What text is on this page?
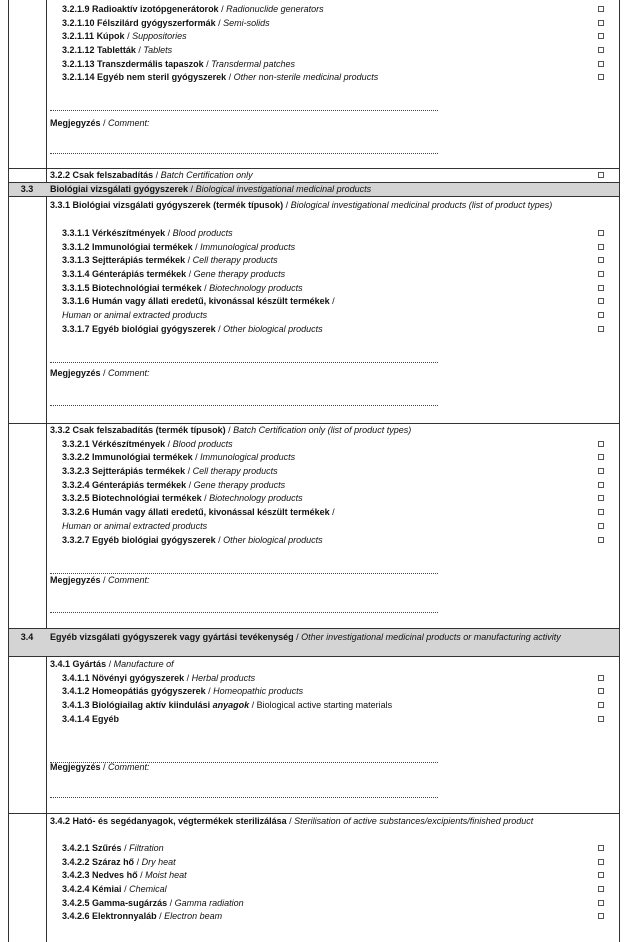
3.2.1.9 Radioaktív izotópgenerátorok / Radionuclide generators
3.2.1.10 Félszilárd gyógyszerformák / Semi-solids
3.2.1.11 Kúpok / Suppositories
3.2.1.12 Tabletták / Tablets
3.2.1.13 Transzdermális tapaszok / Transdermal patches
3.2.1.14 Egyéb nem steril gyógyszerek / Other non-sterile medicinal products
Megjegyzés / Comment:
3.2.2 Csak felszabadítás / Batch Certification only
3.3	Biológiai vizsgálati gyógyszerek / Biological investigational medicinal products
3.3.1 Biológiai vizsgálati gyógyszerek (termék típusok) / Biological investigational medicinal products (list of product types)
3.3.1.1 Vérkészítmények / Blood products
3.3.1.2 Immunológiai termékek / Immunological products
3.3.1.3 Sejtterápiás termékek / Cell therapy products
3.3.1.4 Génterápiás termékek / Gene therapy products
3.3.1.5 Biotechnológiai termékek / Biotechnology products
3.3.1.6 Humán vagy állati eredetű, kivonással készült termékek /
Human or animal extracted products
3.3.1.7 Egyéb biológiai gyógyszerek / Other biological products
Megjegyzés / Comment:
3.3.2 Csak felszabadítás (termék típusok) / Batch Certification only (list of product types)
3.3.2.1 Vérkészítmények / Blood products
3.3.2.2 Immunológiai termékek / Immunological products
3.3.2.3 Sejtterápiás termékek / Cell therapy products
3.3.2.4 Génterápiás termékek / Gene therapy products
3.3.2.5 Biotechnológiai termékek / Biotechnology products
3.3.2.6 Humán vagy állati eredetű, kivonással készült termékek /
Human or animal extracted products
3.3.2.7 Egyéb biológiai gyógyszerek / Other biological products
Megjegyzés / Comment:
3.4	Egyéb vizsgálati gyógyszerek vagy gyártási tevékenység / Other investigational medicinal products or manufacturing activity
3.4.1 Gyártás / Manufacture of
3.4.1.1 Növényi gyógyszerek / Herbal products
3.4.1.2 Homeopátiás gyógyszerek / Homeopathic products
3.4.1.3 Biológiailag aktív kiindulási anyagok / Biological active starting materials
3.4.1.4 Egyéb
Megjegyzés / Comment:
3.4.2 Ható- és segédanyagok, végtermékek sterilizálása / Sterilisation of active substances/excipients/finished product
3.4.2.1 Szűrés / Filtration
3.4.2.2 Száraz hő / Dry heat
3.4.2.3 Nedves hő / Moist heat
3.4.2.4 Kémiai / Chemical
3.4.2.5 Gamma-sugárzás / Gamma radiation
3.4.2.6 Elektronnyaláb / Electron beam
